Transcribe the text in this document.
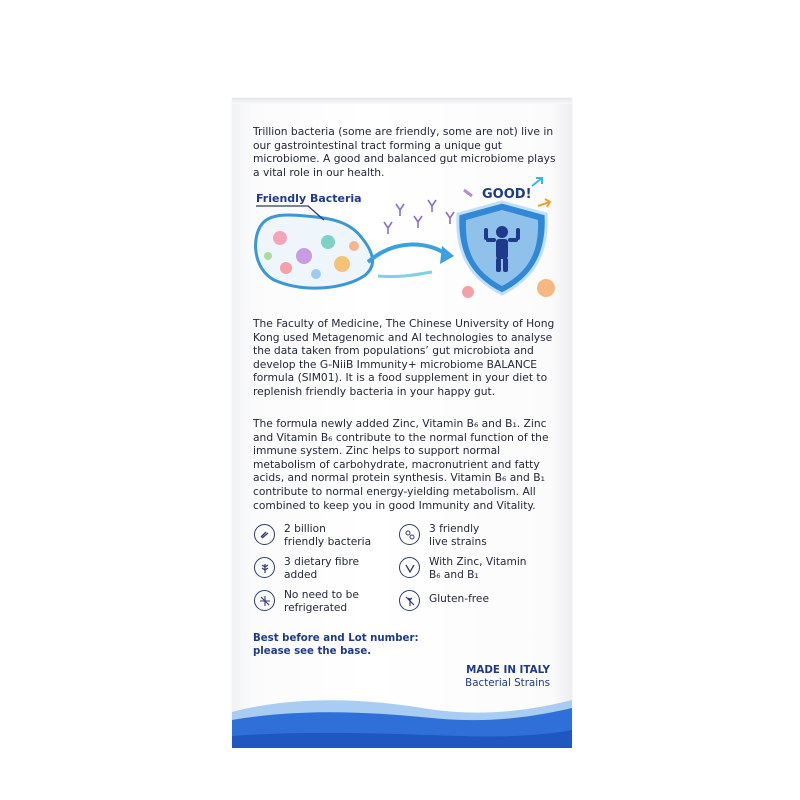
Trillion bacteria (some are friendly, some are not) live in our gastrointestinal tract forming a unique gut microbiome. A good and balanced gut microbiome plays a vital role in our health.

Friendly Bacteria	GOOD!

The Faculty of Medicine, The Chinese University of Hong Kong used Metagenomic and AI technologies to analyse the data taken from populations’ gut microbiota and develop the G-NiiB Immunity+ microbiome BALANCE formula (SIM01). It is a food supplement in your diet to replenish friendly bacteria in your happy gut.

The formula newly added Zinc, Vitamin B₆ and B₁. Zinc and Vitamin B₆ contribute to the normal function of the immune system. Zinc helps to support normal metabolism of carbohydrate, macronutrient and fatty acids, and normal protein synthesis. Vitamin B₆ and B₁ contribute to normal energy-yielding metabolism. All combined to keep you in good Immunity and Vitality.

2 billion
friendly bacteria
3 friendly
live strains
3 dietary fibre
added
With Zinc, Vitamin
B₆ and B₁
No need to be
refrigerated
Gluten-free
Best before and Lot number:
please see the base.
MADE IN ITALY
Bacterial Strains
